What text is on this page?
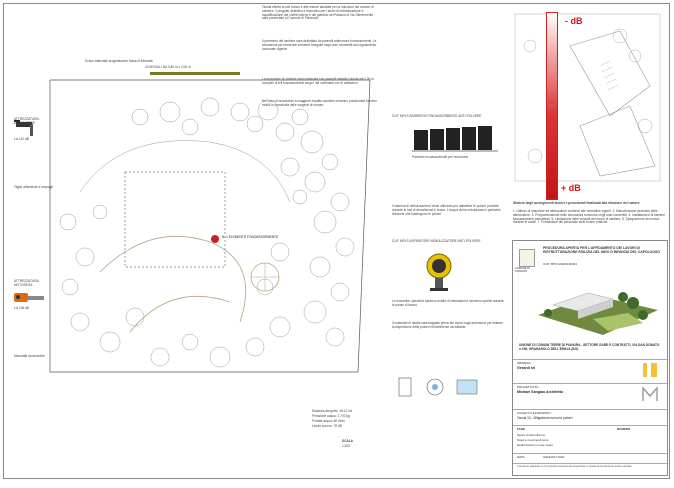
Scavo materiale progettazione fossa di interrata
20 MODULI DA 3,50 m x 2,00 m
Tavola riferita ai soli rumori e alle misure adottate per la riduzione del rumore di cantiere. Il progetto definitivo e esecutivo per i lavori di ristrutturazione e riqualificazione del cortile interno e del giardino del Palazzo di Via Oltretorrente sarà presentato al Comune di Piacenza.
Il perimetro del cantiere sarà delimitato da pannelli antirumore fonoassorbenti. Le lavorazioni più rumorose verranno eseguite negli orari consentiti dal regolamento comunale vigente.
La recinzione di cantiere sarà realizzata con pannelli metallici zincati alti 2,00 m completi di teli fonoassorbenti lungo i lati confinanti con le abitazioni.
Nel caso di lavorazioni a maggiore impatto acustico verranno posizionate barriere mobili in prossimità delle sorgenti di rumore.
N. 1 ELEMENTO FONOASSORBENTE
Lw 110 dB
ATTREZZATURA: DEMOLITORE
Taglio alberature e cespugli
Lw 106 dB
ATTREZZATURA: MOTOSEGA
Manufatti da demolire
CUF. MPLS BARRIERA FONOASSORBENTE ANTI-POLVERE
Pannello fonoassorbente per recinzione
CUF. MPLS ASPIRATORE-NEBULIZZATORE ANTI-POLVERE
Il sistema di nebulizzazione viene utilizzato per abbattere le polveri prodotte durante le fasi di demolizione e scavo. L'acqua viene nebulizzata in particelle finissime che trattengono le polveri.
Le macchine operatrici saranno dotate di silenziatori e verranno spente durante le pause di lavoro.
Il materiale di risulta sarà bagnato prima del carico sugli automezzi per limitare la dispersione delle polveri nell'ambiente circostante.
Distanza dal getto: 15-12 mt
Pressione acqua: 2.700 kg
Portata acqua: 60 l/min
Livello sonoro: 78 dB
SCALA
1:200
- dB
+ dB
Stralcio degli accorgimenti tecnici e procedurali finalizzati alla riduzione del rumore
1. Utilizzo di macchine ed attrezzature conformi alle normative vigenti. 2. Manutenzione periodica delle attrezzature. 3. Programmazione delle lavorazioni rumorose negli orari consentiti. 4. Installazione di barriere fonoassorbenti perimetrali. 5. Limitazione delle velocità dei mezzi di cantiere. 6. Spegnimento dei motori durante le soste. 7. Formazione del personale sulle buone pratiche.
COMUNE DI PIANORO
PROCEDURA APERTA PER L'AFFIDAMENTO DEI LAVORI DI RISTRUTTURAZIONE EDILIZIA DEL NIDO D'INFANZIA DEL CAPOLUOGO
CUP: B57C19000130004
UNIONE DI COMUNI TERRE DI PIANURA - SETTORE GARE E CONTRATTI, VIA SAN DONATO n.196, GRANAROLO DELL'EMILIA (BO)
IMPRESA:
Gerardi srl
PROGETTISTA:
Michael Sangiao Architetto
OGGETTO ELABORATO:
Tavola 10 - Mitigazione rumori e polveri
FASE	NUMERO
Opere di demolizione
Scavi e movimenti terra
Realizzazione nuove opere
DATA	GENNAIO 2020
Il presente elaborato è di proprietà esclusiva del progettista: è vietata la riproduzione anche parziale.
